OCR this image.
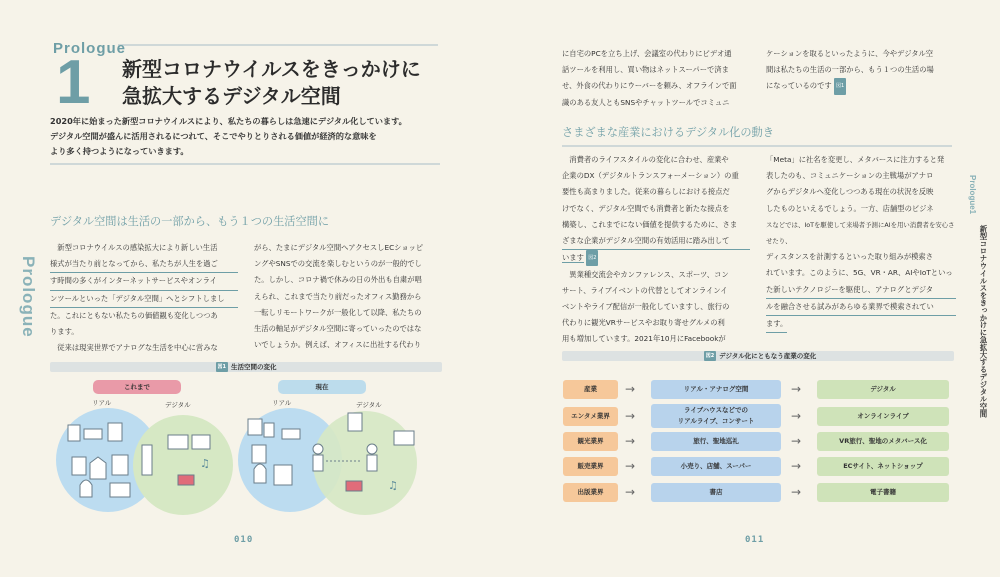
Prologue
1 新型コロナウイルスをきっかけに
急拡大するデジタル空間
2020年に始まった新型コロナウイルスにより、私たちの暮らしは急速にデジタル化しています。
デジタル空間が盛んに活用されるにつれて、そこでやりとりされる価値が経済的な意味を
より多く持つようになっていきます。
Prologue
デジタル空間は生活の一部から、もう１つの生活空間に
　新型コロナウイルスの感染拡大により新しい生活
様式が当たり前となってから、私たちが人生を過ご
す時間の多くがインターネットサービスやオンライ
ンツールといった「デジタル空間」へとシフトしまし
た。これにともない私たちの価値観も変化しつつあ
ります。
　従来は現実世界でアナログな生活を中心に営みな
がら、たまにデジタル空間へアクセスしECショッピ
ングやSNSでの交流を楽しむというのが一般的でし
た。しかし、コロナ禍で休みの日の外出も自粛が唱
えられ、これまで当たり前だったオフィス勤務から
一転しリモートワークが一般化して以降、私たちの
生活の軸足がデジタル空間に寄っていったのではな
いでしょうか。例えば、オフィスに出社する代わり
図1 生活空間の変化
これまで	現在
リアル	デジタル	リアル	デジタル
♫
♫
010
に自宅のPCを立ち上げ、会議室の代わりにビデオ通
話ツールを利用し、買い物はネットスーパーで済ま
せ、外食の代わりにウーバーを頼み、オフラインで面
識のある友人ともSNSやチャットツールでコミュニ
ケーションを取るといったように、今やデジタル空
間は私たちの生活の一部から、もう１つの生活の場
になっているのです 図1
さまざまな産業におけるデジタル化の動き
　消費者のライフスタイルの変化に合わせ、産業や
企業のDX（デジタルトランスフォーメーション）の重
要性も高まりました。従来の暮らしにおける接点だ
けでなく、デジタル空間でも消費者と新たな接点を
構築し、これまでにない価値を提供するために、さま
ざまな企業がデジタル空間の有効活用に踏み出して
います 図2
　異業種交流会やカンファレンス、スポーツ、コン
サート、ライブイベントの代替としてオンラインイ
ベントやライブ配信が一般化していますし、旅行の
代わりに観光VRサービスやお取り寄せグルメの利
用も増加しています。2021年10月にFacebookが
「Meta」に社名を変更し、メタバースに注力すると発
表したのも、コミュニケーションの主戦場がアナロ
グからデジタルへ変化しつつある現在の状況を反映
したものといえるでしょう。一方、店舗型のビジネ
スなどでは、IoTを駆使して来場者予測にAIを用い消費者を安心させたり、
ディスタンスを計測するといった取り組みが模索さ
れています。このように、5G、VR・AR、AIやIoTといっ
た新しいテクノロジーを駆使し、アナログとデジタ
ルを融合させる試みがあらゆる業界で模索されてい
ます。
図2 デジタル化にともなう産業の変化
産業	→	リアル・アナログ空間	→	デジタル
エンタメ業界	→	ライブハウスなどでの
リアルライブ、コンサート	→	オンラインライブ
観光業界	→	旅行、聖地巡礼	→	VR旅行、聖地のメタバース化
販売業界	→	小売り、店舗、スーパー	→	ECサイト、ネットショップ
出版業界	→	書店	→	電子書籍
011
Prologue1
新型コロナウイルスをきっかけに急拡大するデジタル空間
